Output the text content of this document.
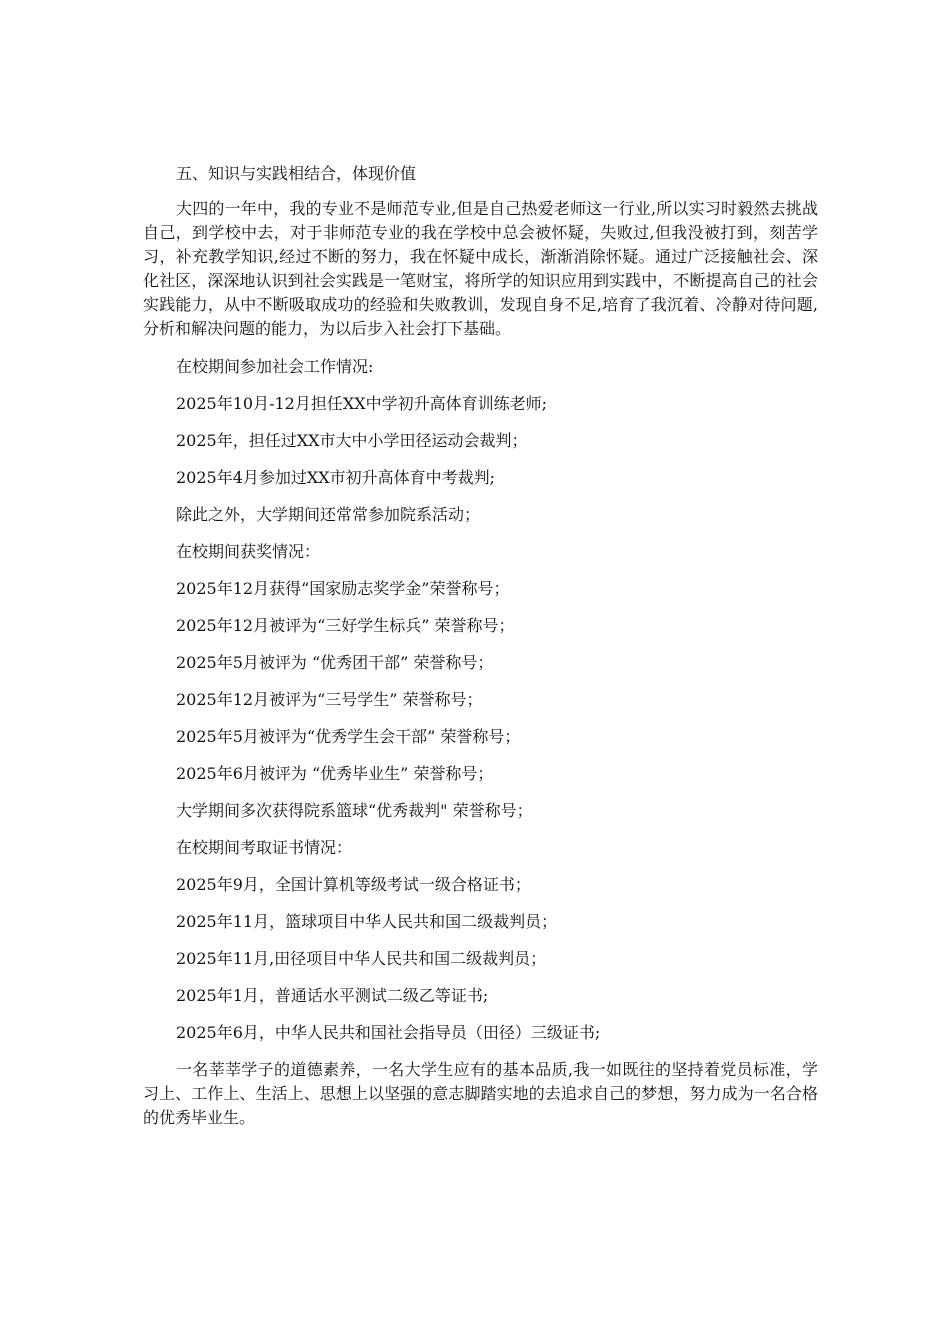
五、知识与实践相结合，体现价值

大四的一年中，我的专业不是师范专业,但是自己热爱老师这一行业,所以实习时毅然去挑战自己，到学校中去，对于非师范专业的我在学校中总会被怀疑，失败过,但我没被打到，刻苦学习，补充教学知识,经过不断的努力，我在怀疑中成长，渐渐消除怀疑。通过广泛接触社会、深化社区，深深地认识到社会实践是一笔财宝，将所学的知识应用到实践中，不断提高自己的社会实践能力，从中不断吸取成功的经验和失败教训，发现自身不足,培育了我沉着、冷静对待问题,分析和解决问题的能力，为以后步入社会打下基础。

在校期间参加社会工作情况:

2025年10月-12月担任XX中学初升高体育训练老师;

2025年，担任过XX市大中小学田径运动会裁判；

2025年4月参加过XX市初升高体育中考裁判;

除此之外，大学期间还常常参加院系活动；

在校期间获奖情况：

2025年12月获得“国家励志奖学金”荣誉称号；

2025年12月被评为“三好学生标兵” 荣誉称号；

2025年5月被评为 “优秀团干部” 荣誉称号；

2025年12月被评为“三号学生” 荣誉称号；

2025年5月被评为“优秀学生会干部” 荣誉称号；

2025年6月被评为 “优秀毕业生” 荣誉称号；

大学期间多次获得院系篮球“优秀裁判" 荣誉称号；

在校期间考取证书情况：

2025年9月，全国计算机等级考试一级合格证书；

2025年11月，篮球项目中华人民共和国二级裁判员；

2025年11月,田径项目中华人民共和国二级裁判员；

2025年1月，普通话水平测试二级乙等证书;

2025年6月，中华人民共和国社会指导员（田径）三级证书;

一名莘莘学子的道德素养，一名大学生应有的基本品质,我一如既往的坚持着党员标准，学习上、工作上、生活上、思想上以坚强的意志脚踏实地的去追求自己的梦想，努力成为一名合格的优秀毕业生。
